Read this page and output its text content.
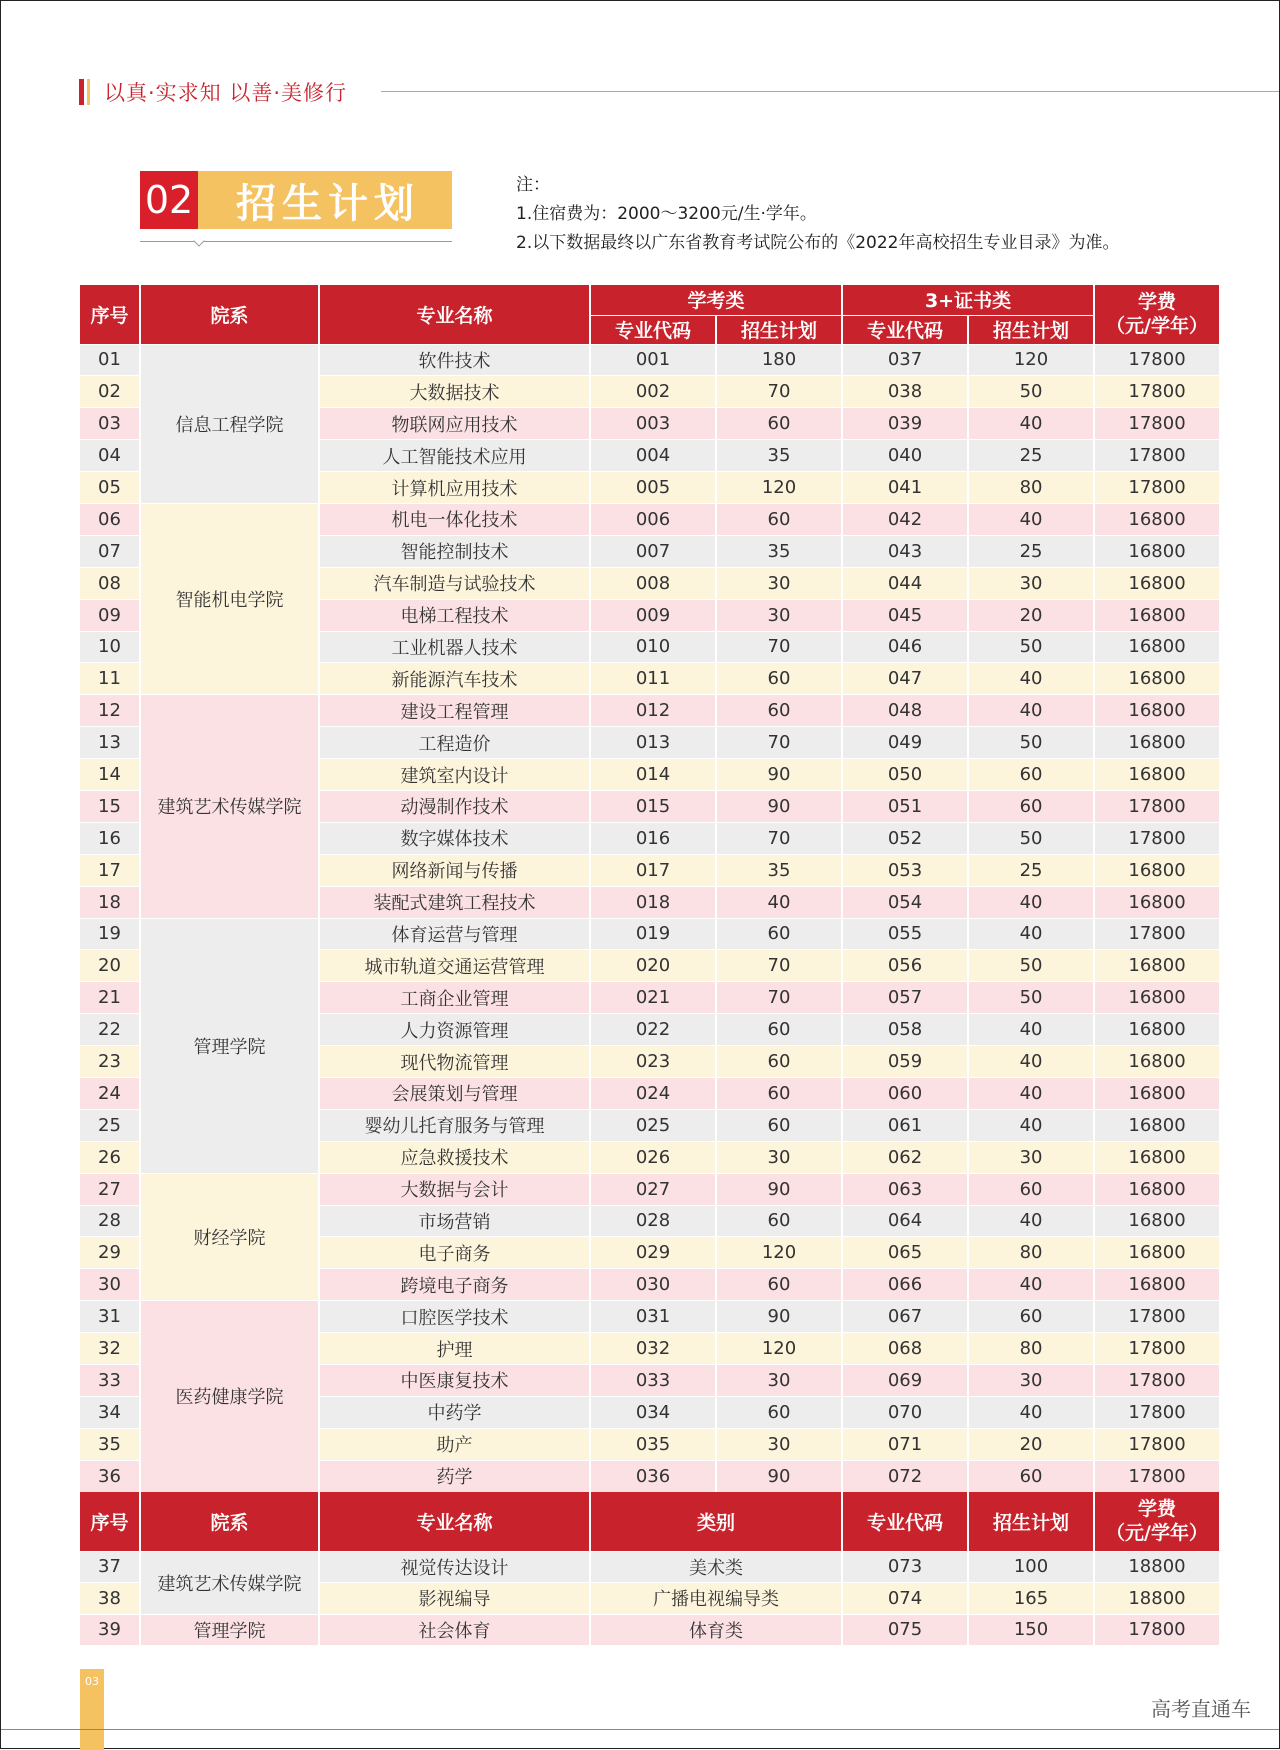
以真·实求知 以善·美修行
02	招生计划	注：
1.住宿费为：2000～3200元/生·学年。
2.以下数据最终以广东省教育考试院公布的《2022年高校招生专业目录》为准。
序号	院系	专业名称	学考类		3+证书类		学费
（元/学年）
			专业代码	招生计划	专业代码	招生计划	
01	信息工程学院	软件技术	001	180	037	120	17800
02		大数据技术	002	70	038	50	17800
03		物联网应用技术	003	60	039	40	17800
04		人工智能技术应用	004	35	040	25	17800
05		计算机应用技术	005	120	041	80	17800
06	智能机电学院	机电一体化技术	006	60	042	40	16800
07		智能控制技术	007	35	043	25	16800
08		汽车制造与试验技术	008	30	044	30	16800
09		电梯工程技术	009	30	045	20	16800
10		工业机器人技术	010	70	046	50	16800
11		新能源汽车技术	011	60	047	40	16800
12	建筑艺术传媒学院	建设工程管理	012	60	048	40	16800
13		工程造价	013	70	049	50	16800
14		建筑室内设计	014	90	050	60	16800
15		动漫制作技术	015	90	051	60	17800
16		数字媒体技术	016	70	052	50	17800
17		网络新闻与传播	017	35	053	25	16800
18		装配式建筑工程技术	018	40	054	40	16800
19	管理学院	体育运营与管理	019	60	055	40	17800
20		城市轨道交通运营管理	020	70	056	50	16800
21		工商企业管理	021	70	057	50	16800
22		人力资源管理	022	60	058	40	16800
23		现代物流管理	023	60	059	40	16800
24		会展策划与管理	024	60	060	40	16800
25		婴幼儿托育服务与管理	025	60	061	40	16800
26		应急救援技术	026	30	062	30	16800
27	财经学院	大数据与会计	027	90	063	60	16800
28		市场营销	028	60	064	40	16800
29		电子商务	029	120	065	80	16800
30		跨境电子商务	030	60	066	40	16800
31	医药健康学院	口腔医学技术	031	90	067	60	17800
32		护理	032	120	068	80	17800
33		中医康复技术	033	30	069	30	17800
34		中药学	034	60	070	40	17800
35		助产	035	30	071	20	17800
36		药学	036	90	072	60	17800
序号	院系	专业名称	类别	专业代码	招生计划	学费
（元/学年）
37	建筑艺术传媒学院	视觉传达设计	美术类	073	100	18800
38		影视编导	广播电视编导类	074	165	18800
39	管理学院	社会体育	体育类	075	150	17800
03
高考直通车
